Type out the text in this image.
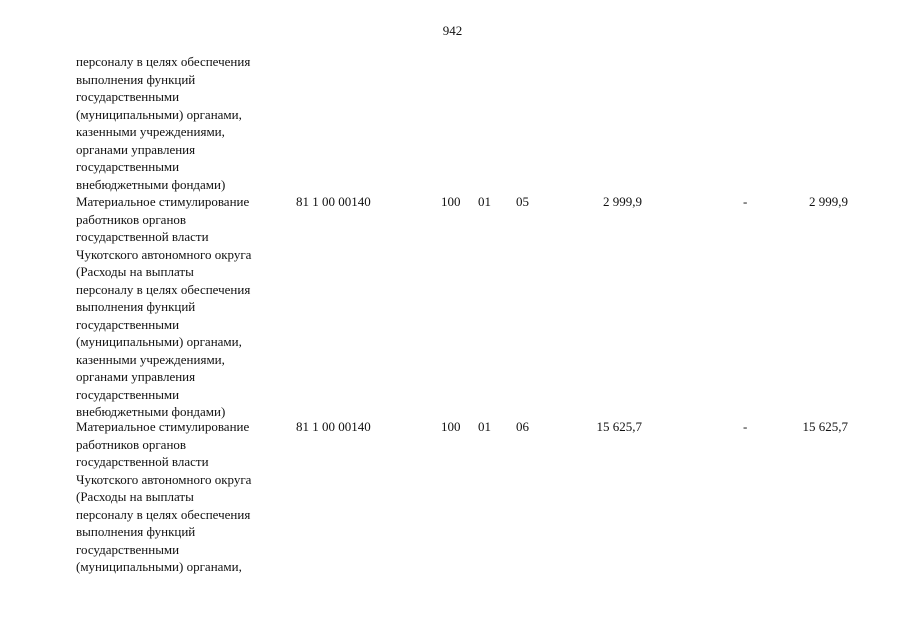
942
персоналу в целях обеспечения
выполнения функций
государственными
(муниципальными) органами,
казенными учреждениями,
органами управления
государственными
внебюджетными фондами)
Материальное стимулирование
работников органов
государственной власти
Чукотского автономного округа
(Расходы на выплаты
персоналу в целях обеспечения
выполнения функций
государственными
(муниципальными) органами,
казенными учреждениями,
органами управления
государственными
внебюджетными фондами)
81 1 00 00140	100 01 05	2 999,9	-	2 999,9
Материальное стимулирование
работников органов
государственной власти
Чукотского автономного округа
(Расходы на выплаты
персоналу в целях обеспечения
выполнения функций
государственными
(муниципальными) органами,
81 1 00 00140	100 01 06	15 625,7	-	15 625,7
